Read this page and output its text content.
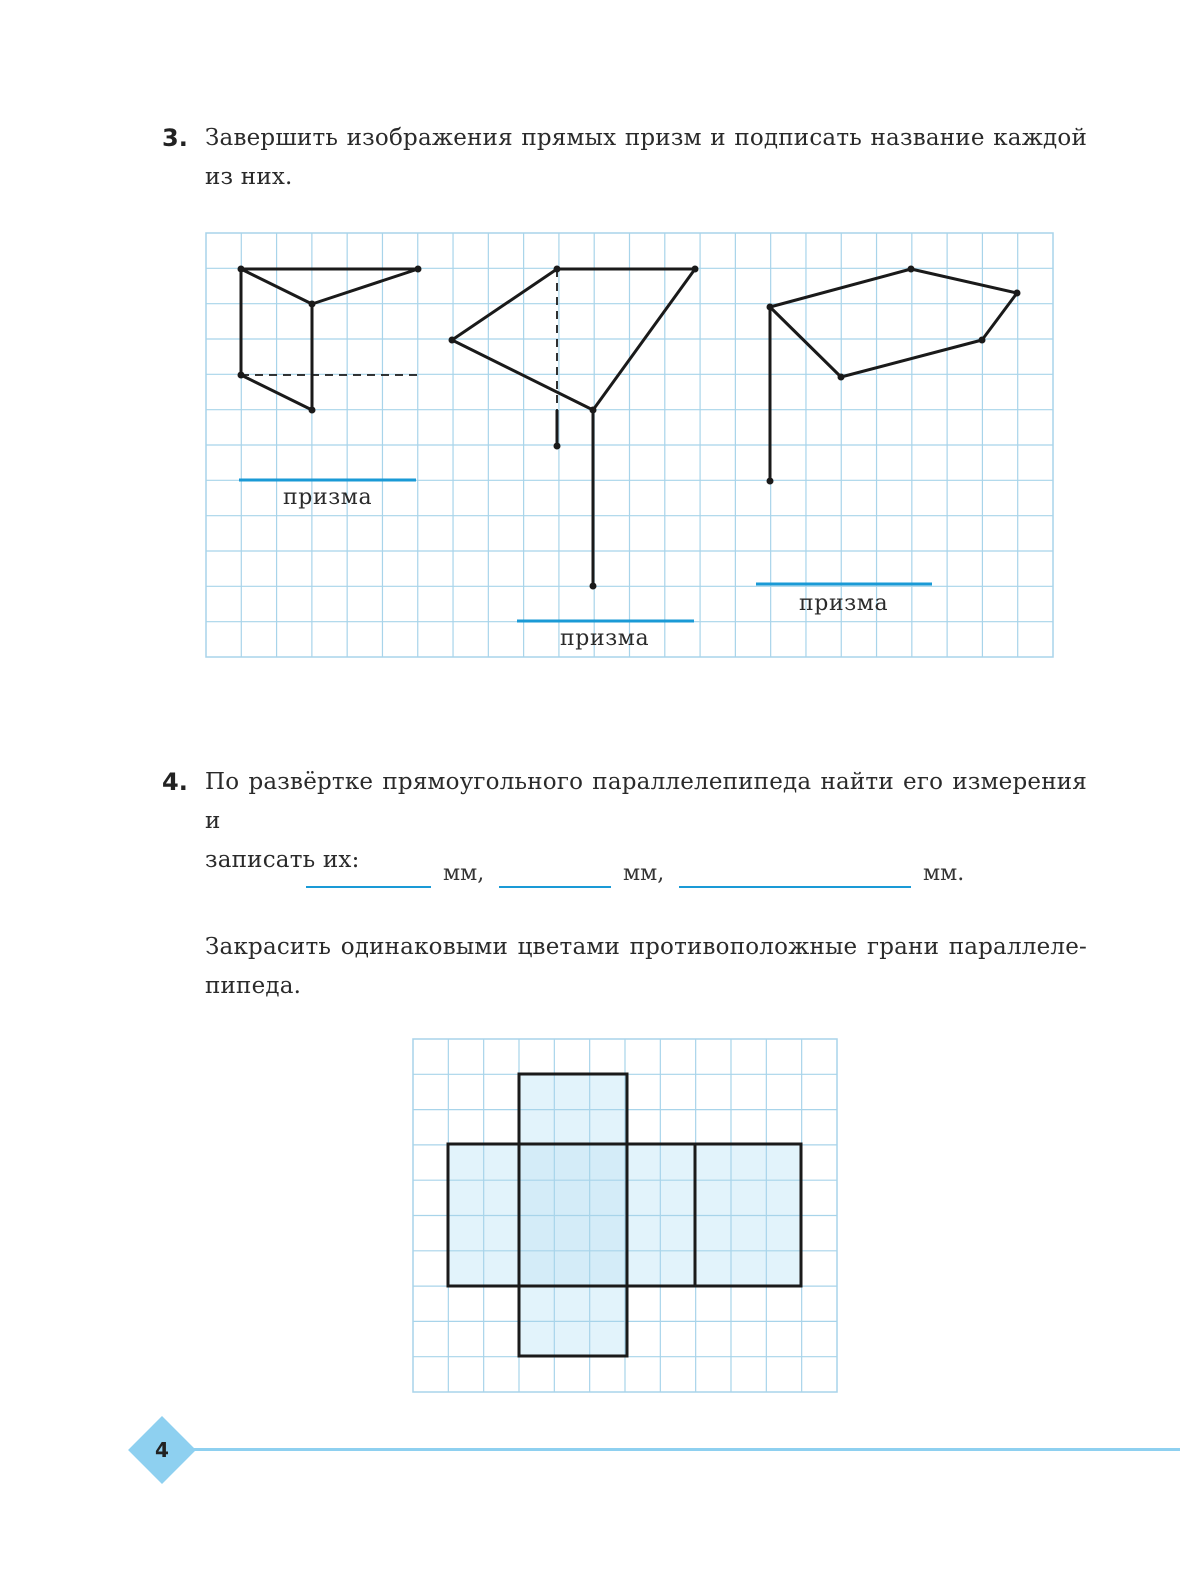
3. Завершить изображения прямых призм и подписать название каждой
из них.
призма
призма
призма
4. По развёртке прямоугольного параллелепипеда найти его измерения и
записать их:
мм,	мм,	мм.
Закрасить одинаковыми цветами противоположные грани параллеле-
пипеда.
4
